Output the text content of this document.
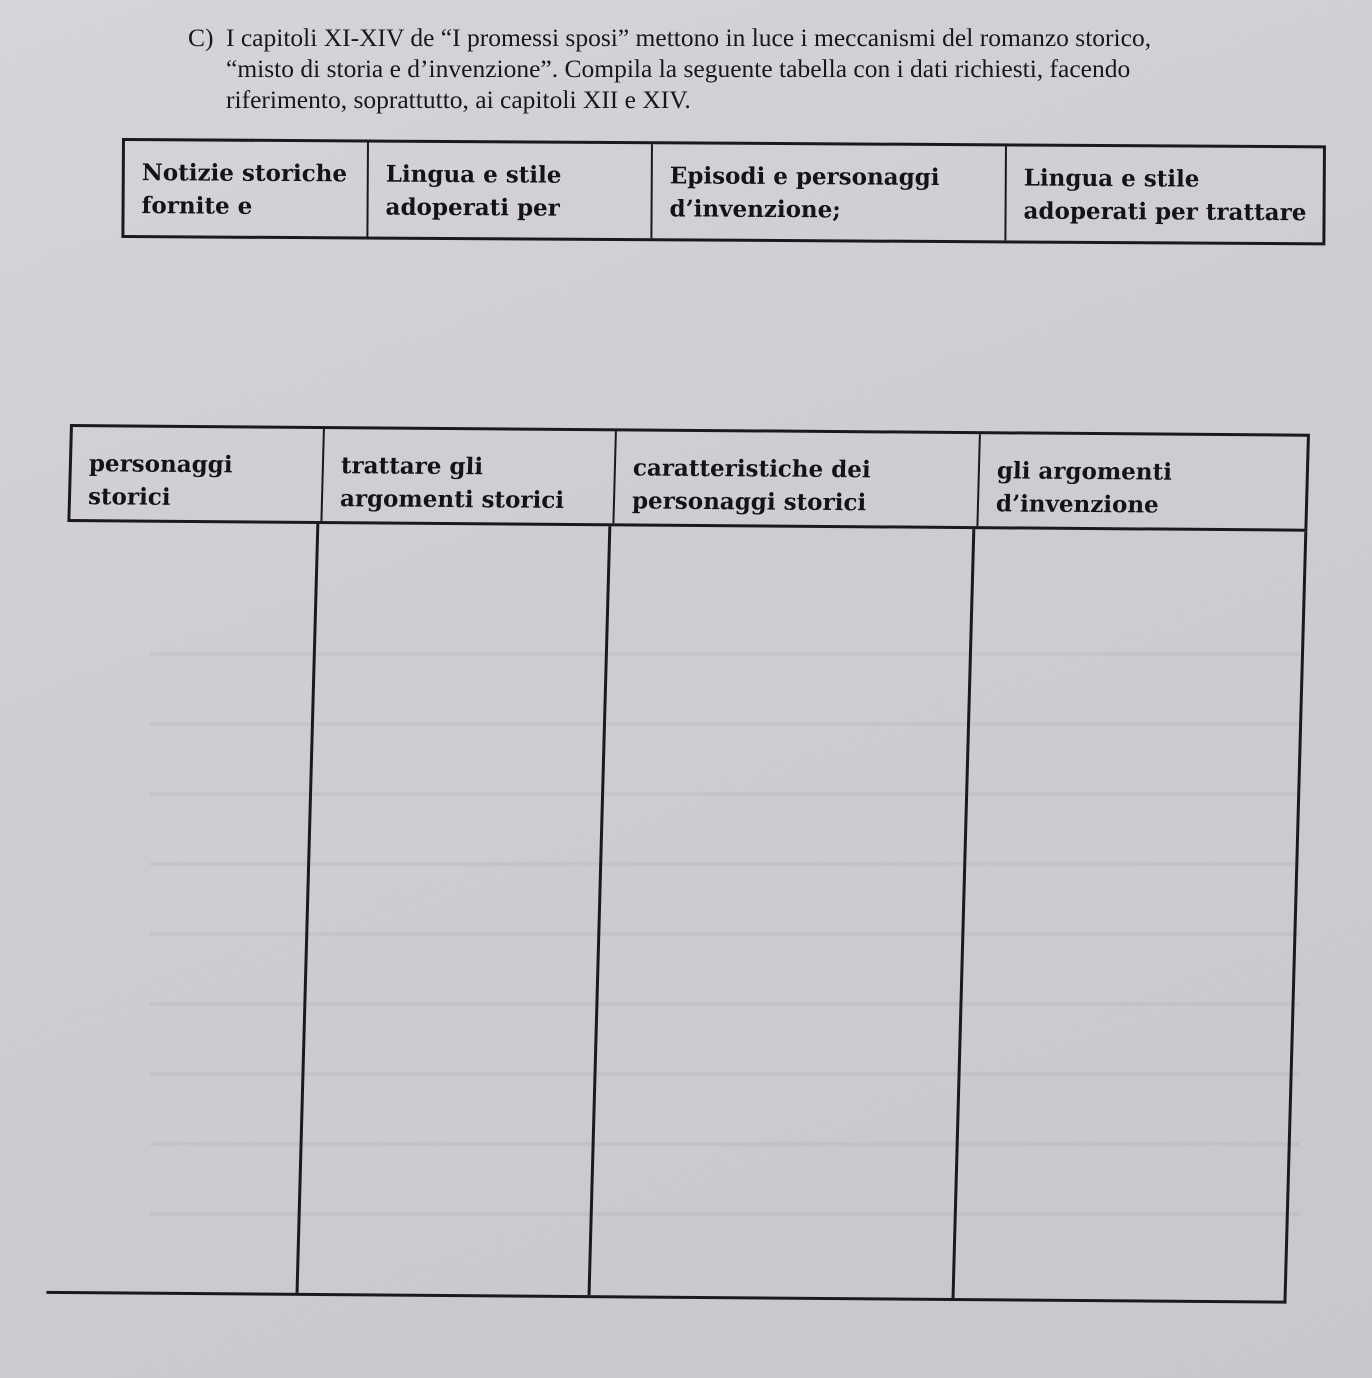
C) I capitoli XI-XIV de “I promessi sposi” mettono in luce i meccanismi del romanzo storico,
“misto di storia e d’invenzione”. Compila la seguente tabella con i dati richiesti, facendo
riferimento, soprattutto, ai capitoli XII e XIV.
Notizie storiche
fornite e
Lingua e stile
adoperati per
Episodi e personaggi
d’invenzione;
Lingua e stile
adoperati per trattare
personaggi
storici
trattare gli
argomenti storici
caratteristiche dei
personaggi storici
gli argomenti
d’invenzione
